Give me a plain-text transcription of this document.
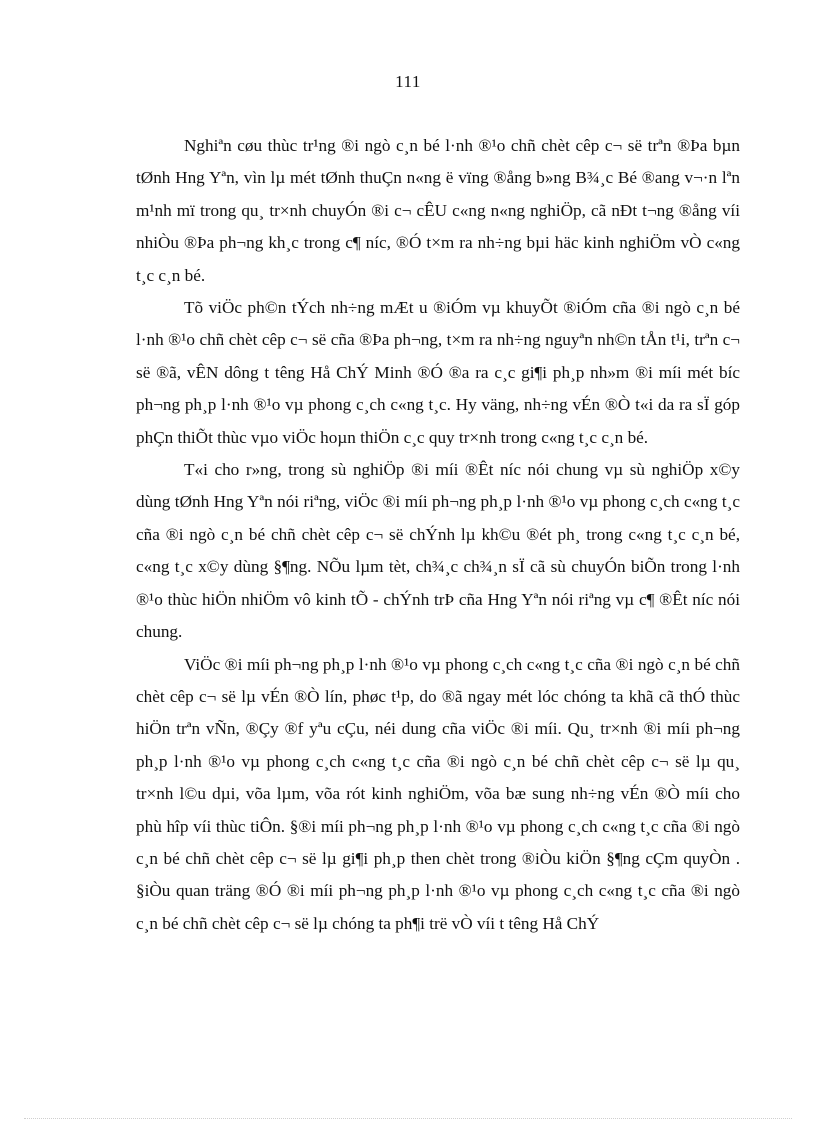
111

Nghiªn cøu thùc tr¹ng ®i ngò c¸n bé l·nh ®¹o chñ chèt cêp c¬ së trªn ®Þa bµn tØnh Hng Yªn, vìn lµ mét tØnh thuÇn n«ng ë vïng ®ång b»ng B¾¸c Bé ®ang v¬·n lªn m¹nh mï trong qu¸ tr×nh chuyÓn ®i c¬ cÊU c«ng n«ng nghiÖp, cã nÐt t¬ng ®ång víi nhiÒu ®Þa ph¬ng kh¸c trong c¶ níc, ®Ó t×m ra nh÷ng bµi häc kinh nghiÖm vÒ c«ng t¸c c¸n bé.

Tõ viÖc ph©n tÝch nh÷ng mÆt u ®iÓm vµ khuyÕt ®iÓm cña ®i ngò c¸n bé l·nh ®¹o chñ chèt cêp c¬ së cña ®Þa ph¬ng, t×m ra nh÷ng nguyªn nh©n tÅn t¹i, trªn c¬ së ®ã, vÊN dông t têng Hå ChÝ Minh ®Ó ®a ra c¸c gi¶i ph¸p nh»m ®i míi mét bíc ph¬ng ph¸p l·nh ®¹o vµ phong c¸ch c«ng t¸c. Hy väng, nh÷ng vÉn ®Ò t«i da ra sÏ góp phÇn thiÕt thùc vµo viÖc hoµn thiÖn c¸c quy tr×nh trong c«ng t¸c c¸n bé.

T«i cho r»ng, trong sù nghiÖp ®i míi ®Êt níc nói chung vµ sù nghiÖp x©y dùng tØnh Hng Yªn nói riªng, viÖc ®i míi ph¬ng ph¸p l·nh ®¹o vµ phong c¸ch c«ng t¸c cña ®i ngò c¸n bé chñ chèt cêp c¬ së chÝnh lµ kh©u ®ét ph¸ trong c«ng t¸c c¸n bé, c«ng t¸c x©y dùng §¶ng. NÕu lµm tèt, ch¾¸c ch¾¸n sÏ cã sù chuyÓn biÕn trong l·nh ®¹o thùc hiÖn nhiÖm vô kinh tÕ - chÝnh trÞ cña Hng Yªn nói riªng vµ c¶ ®Êt níc nói chung.

ViÖc ®i míi ph¬ng ph¸p l·nh ®¹o vµ phong c¸ch c«ng t¸c cña ®i ngò c¸n bé chñ chèt cêp c¬ së lµ vÉn ®Ò lín, phøc t¹p, do ®ã ngay mét lóc chóng ta khã cã thÓ thùc hiÖn trªn vÑn, ®Çy ®f yªu cÇu, néi dung cña viÖc ®i míi. Qu¸ tr×nh ®i míi ph¬ng ph¸p l·nh ®¹o vµ phong c¸ch c«ng t¸c cña ®i ngò c¸n bé chñ chèt cêp c¬ së lµ qu¸ tr×nh l©u dµi, võa lµm, võa rót kinh nghiÖm, võa bæ sung nh÷ng vÉn ®Ò míi cho phù hîp víi thùc tiÔn. §®i míi ph¬ng ph¸p l·nh ®¹o vµ phong c¸ch c«ng t¸c cña ®i ngò c¸n bé chñ chèt cêp c¬ së lµ gi¶i ph¸p then chèt trong ®iÒu kiÖn §¶ng cÇm quyÒn . §iÒu quan träng ®Ó ®i míi ph¬ng ph¸p l·nh ®¹o vµ phong c¸ch c«ng t¸c cña ®i ngò c¸n bé chñ chèt cêp c¬ së lµ chóng ta ph¶i trë vÒ víi t têng Hå ChÝ
